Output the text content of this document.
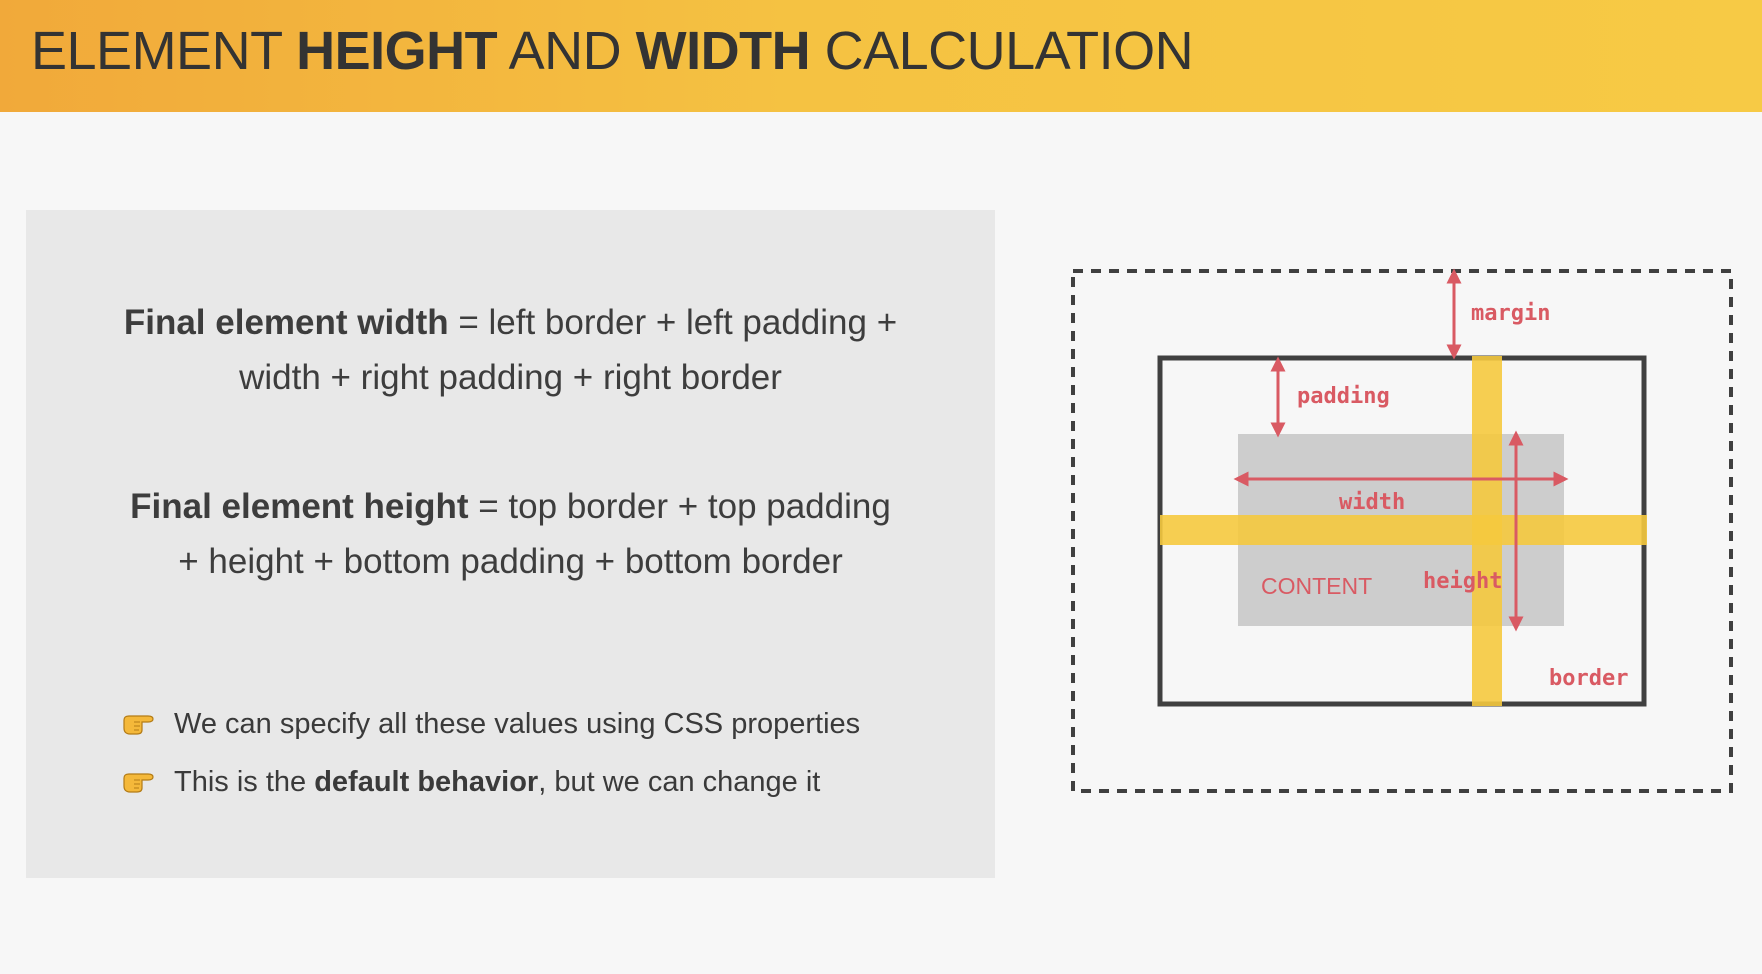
ELEMENT HEIGHT AND WIDTH CALCULATION
Final element width = left border + left padding +
width + right padding + right border
Final element height = top border + top padding
+ height + bottom padding + bottom border
We can specify all these values using CSS properties
This is the default behavior, but we can change it
margin
padding
width
height
CONTENT
border
